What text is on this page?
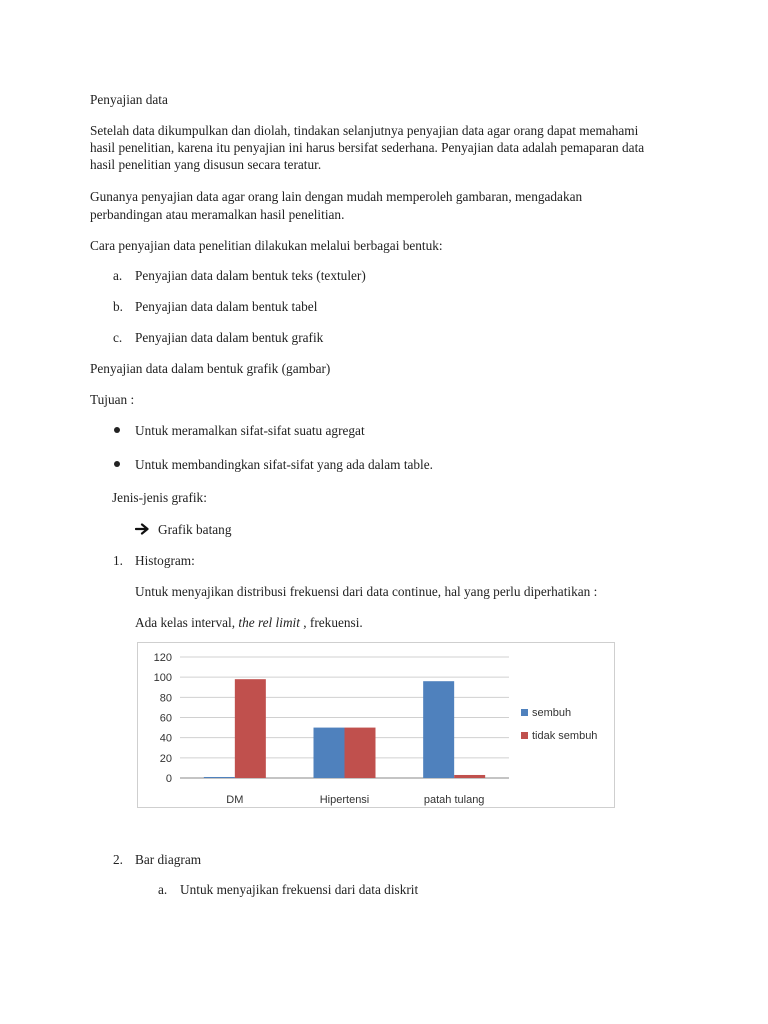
Penyajian data
Setelah data dikumpulkan dan diolah, tindakan selanjutnya penyajian data agar orang dapat memahami
hasil penelitian, karena itu penyajian ini harus bersifat sederhana. Penyajian data adalah pemaparan data
hasil penelitian yang disusun secara teratur.
Gunanya penyajian data agar orang lain dengan mudah memperoleh gambaran, mengadakan
perbandingan atau meramalkan hasil penelitian.
Cara penyajian data penelitian dilakukan melalui berbagai bentuk:
a. Penyajian data dalam bentuk teks (textuler)
b. Penyajian data dalam bentuk tabel
c. Penyajian data dalam bentuk grafik
Penyajian data dalam bentuk grafik (gambar)
Tujuan :
Untuk meramalkan sifat-sifat suatu agregat
Untuk membandingkan sifat-sifat yang ada dalam table.
Jenis-jenis grafik:
Grafik batang
1. Histogram:
Untuk menyajikan distribusi frekuensi dari data continue, hal yang perlu diperhatikan :
Ada kelas interval, the rel limit , frekuensi.
0
20
40
60
80
100
120
DM	Hipertensi	patah tulang
sembuh
tidak sembuh
2. Bar diagram
a. Untuk menyajikan frekuensi dari data diskrit
